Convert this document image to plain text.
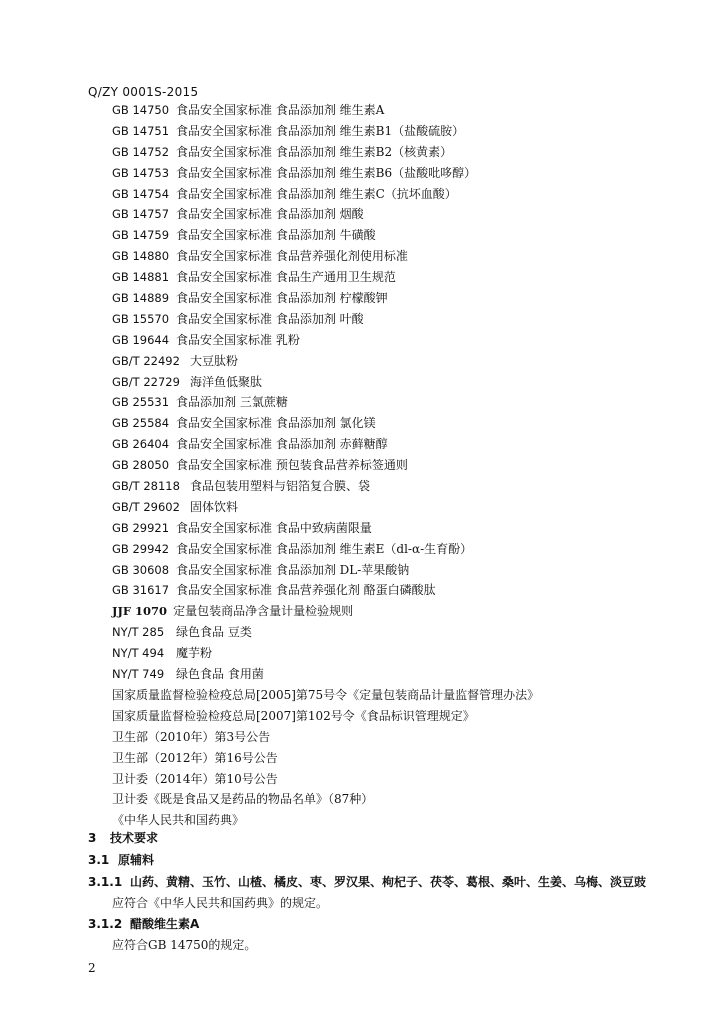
Q/ZY 0001S-2015
GB 14750 食品安全国家标准 食品添加剂 维生素A
GB 14751 食品安全国家标准 食品添加剂 维生素B1（盐酸硫胺）
GB 14752 食品安全国家标准 食品添加剂 维生素B2（核黄素）
GB 14753 食品安全国家标准 食品添加剂 维生素B6（盐酸吡哆醇）
GB 14754 食品安全国家标准 食品添加剂 维生素C（抗坏血酸）
GB 14757 食品安全国家标准 食品添加剂 烟酸
GB 14759 食品安全国家标准 食品添加剂 牛磺酸
GB 14880 食品安全国家标准 食品营养强化剂使用标准
GB 14881 食品安全国家标准 食品生产通用卫生规范
GB 14889 食品安全国家标准 食品添加剂 柠檬酸钾
GB 15570 食品安全国家标准 食品添加剂 叶酸
GB 19644 食品安全国家标准 乳粉
GB/T 22492 大豆肽粉
GB/T 22729 海洋鱼低聚肽
GB 25531 食品添加剂 三氯蔗糖
GB 25584 食品安全国家标准 食品添加剂 氯化镁
GB 26404 食品安全国家标准 食品添加剂 赤藓糖醇
GB 28050 食品安全国家标准 预包装食品营养标签通则
GB/T 28118 食品包装用塑料与铝箔复合膜、袋
GB/T 29602 固体饮料
GB 29921 食品安全国家标准 食品中致病菌限量
GB 29942 食品安全国家标准 食品添加剂 维生素E（dl-α-生育酚）
GB 30608 食品安全国家标准 食品添加剂 DL-苹果酸钠
GB 31617 食品安全国家标准 食品营养强化剂 酪蛋白磷酸肽
JJF 1070 定量包装商品净含量计量检验规则
NY/T 285 绿色食品 豆类
NY/T 494 魔芋粉
NY/T 749 绿色食品 食用菌
国家质量监督检验检疫总局[2005]第75号令《定量包装商品计量监督管理办法》
国家质量监督检验检疫总局[2007]第102号令《食品标识管理规定》
卫生部（2010年）第3号公告
卫生部（2012年）第16号公告
卫计委（2014年）第10号公告
卫计委《既是食品又是药品的物品名单》（87种）
《中华人民共和国药典》
3 技术要求
3.1 原辅料
3.1.1 山药、黄精、玉竹、山楂、橘皮、枣、罗汉果、枸杞子、茯苓、葛根、桑叶、生姜、乌梅、淡豆豉
应符合《中华人民共和国药典》的规定。
3.1.2 醋酸维生素A
应符合GB 14750的规定。
2
